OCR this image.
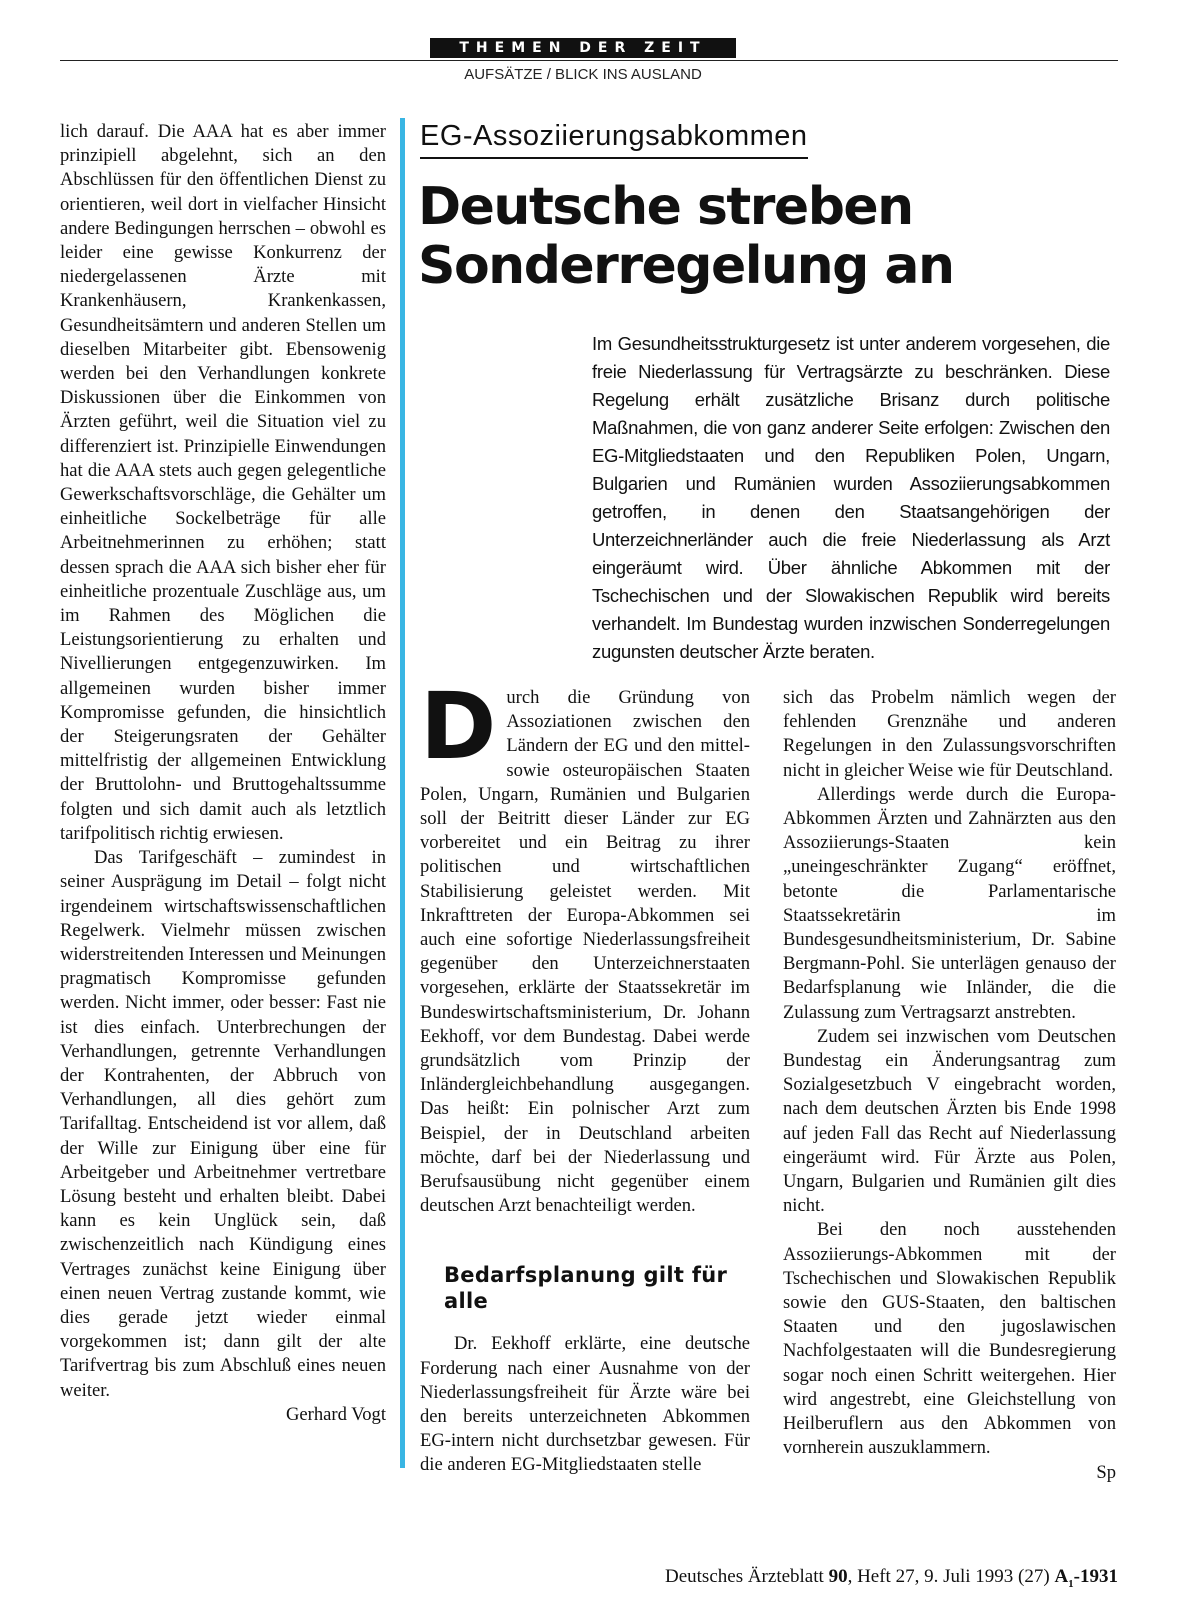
THEMEN DER ZEIT
AUFSÄTZE / BLICK INS AUSLAND

lich darauf. Die AAA hat es aber immer prinzipiell abgelehnt, sich an den Abschlüssen für den öffentlichen Dienst zu orientieren, weil dort in vielfacher Hinsicht andere Bedingungen herrschen – obwohl es leider eine gewisse Konkurrenz der niedergelassenen Ärzte mit Krankenhäusern, Krankenkassen, Gesundheitsämtern und anderen Stellen um dieselben Mitarbeiter gibt. Ebensowenig werden bei den Verhandlungen konkrete Diskussionen über die Einkommen von Ärzten geführt, weil die Situation viel zu differenziert ist. Prinzipielle Einwendungen hat die AAA stets auch gegen gelegentliche Gewerkschaftsvorschläge, die Gehälter um einheitliche Sockelbeträge für alle Arbeitnehmerinnen zu erhöhen; statt dessen sprach die AAA sich bisher eher für einheitliche prozentuale Zuschläge aus, um im Rahmen des Möglichen die Leistungsorientierung zu erhalten und Nivellierungen entgegenzuwirken. Im allgemeinen wurden bisher immer Kompromisse gefunden, die hinsichtlich der Steigerungsraten der Gehälter mittelfristig der allgemeinen Entwicklung der Bruttolohn- und Bruttogehaltssumme folgten und sich damit auch als letztlich tarifpolitisch richtig erwiesen.

Das Tarifgeschäft – zumindest in seiner Ausprägung im Detail – folgt nicht irgendeinem wirtschaftswissenschaftlichen Regelwerk. Vielmehr müssen zwischen widerstreitenden Interessen und Meinungen pragmatisch Kompromisse gefunden werden. Nicht immer, oder besser: Fast nie ist dies einfach. Unterbrechungen der Verhandlungen, getrennte Verhandlungen der Kontrahenten, der Abbruch von Verhandlungen, all dies gehört zum Tarifalltag. Entscheidend ist vor allem, daß der Wille zur Einigung über eine für Arbeitgeber und Arbeitnehmer vertretbare Lösung besteht und erhalten bleibt. Dabei kann es kein Unglück sein, daß zwischenzeitlich nach Kündigung eines Vertrages zunächst keine Einigung über einen neuen Vertrag zustande kommt, wie dies gerade jetzt wieder einmal vorgekommen ist; dann gilt der alte Tarifvertrag bis zum Abschluß eines neuen weiter.

Gerhard Vogt

EG-Assoziierungsabkommen
Deutsche streben Sonderregelung an
Im Gesundheitsstrukturgesetz ist unter anderem vorgesehen, die freie Niederlassung für Vertragsärzte zu beschränken. Diese Regelung erhält zusätzliche Brisanz durch politische Maßnahmen, die von ganz anderer Seite erfolgen: Zwischen den EG-Mitgliedstaaten und den Republiken Polen, Ungarn, Bulgarien und Rumänien wurden Assoziierungsabkommen getroffen, in denen den Staatsangehörigen der Unterzeichnerländer auch die freie Niederlassung als Arzt eingeräumt wird. Über ähnliche Abkommen mit der Tschechischen und der Slowakischen Republik wird bereits verhandelt. Im Bundestag wurden inzwischen Sonderregelungen zugunsten deutscher Ärzte beraten.

Durch die Gründung von Assoziationen zwischen den Ländern der EG und den mittel- sowie osteuropäischen Staaten Polen, Ungarn, Rumänien und Bulgarien soll der Beitritt dieser Länder zur EG vorbereitet und ein Beitrag zu ihrer politischen und wirtschaftlichen Stabilisierung geleistet werden. Mit Inkrafttreten der Europa-Abkommen sei auch eine sofortige Niederlassungsfreiheit gegenüber den Unterzeichnerstaaten vorgesehen, erklärte der Staatssekretär im Bundeswirtschaftsministerium, Dr. Johann Eekhoff, vor dem Bundestag. Dabei werde grundsätzlich vom Prinzip der Inländergleichbehandlung ausgegangen. Das heißt: Ein polnischer Arzt zum Beispiel, der in Deutschland arbeiten möchte, darf bei der Niederlassung und Berufsausübung nicht gegenüber einem deutschen Arzt benachteiligt werden.

Bedarfsplanung gilt für alle

Dr. Eekhoff erklärte, eine deutsche Forderung nach einer Ausnahme von der Niederlassungsfreiheit für Ärzte wäre bei den bereits unterzeichneten Abkommen EG-intern nicht durchsetzbar gewesen. Für die anderen EG-Mitgliedstaaten stelle

sich das Probelm nämlich wegen der fehlenden Grenznähe und anderen Regelungen in den Zulassungsvorschriften nicht in gleicher Weise wie für Deutschland.

Allerdings werde durch die Europa-Abkommen Ärzten und Zahnärzten aus den Assoziierungs-Staaten kein „uneingeschränkter Zugang“ eröffnet, betonte die Parlamentarische Staatssekretärin im Bundesgesundheitsministerium, Dr. Sabine Bergmann-Pohl. Sie unterlägen genauso der Bedarfsplanung wie Inländer, die die Zulassung zum Vertragsarzt anstrebten.

Zudem sei inzwischen vom Deutschen Bundestag ein Änderungsantrag zum Sozialgesetzbuch V eingebracht worden, nach dem deutschen Ärzten bis Ende 1998 auf jeden Fall das Recht auf Niederlassung eingeräumt wird. Für Ärzte aus Polen, Ungarn, Bulgarien und Rumänien gilt dies nicht.

Bei den noch ausstehenden Assoziierungs-Abkommen mit der Tschechischen und Slowakischen Republik sowie den GUS-Staaten, den baltischen Staaten und den jugoslawischen Nachfolgestaaten will die Bundesregierung sogar noch einen Schritt weitergehen. Hier wird angestrebt, eine Gleichstellung von Heilberuflern aus den Abkommen von vornherein auszuklammern.

Sp

Deutsches Ärzteblatt 90, Heft 27, 9. Juli 1993 (27) $A_1-1931$
